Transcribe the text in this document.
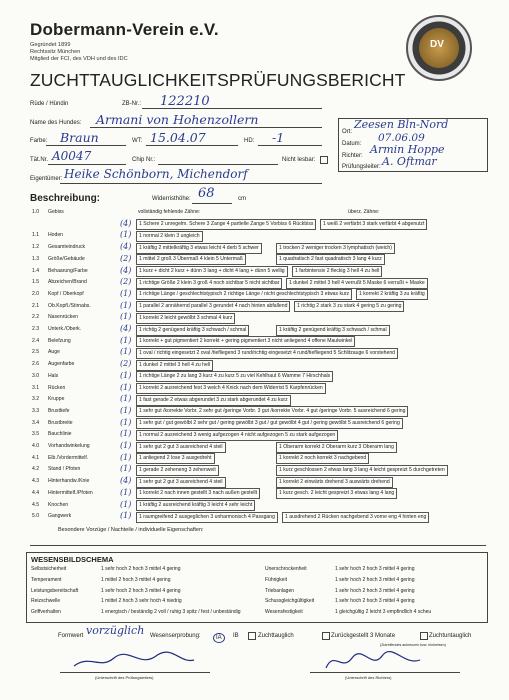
Dobermann-Verein e.V.
Gegründet 1899
Rechtssitz München
Mitglied der FCI, des VDH und des IDC
DV
ZUCHTTAUGLICHKEITSPRÜFUNGSBERICHT
Rüde / Hündin	ZB-Nr.: 122210
Name des Hundes: Armani von Hohenzollern
Farbe: Braun	WT: 15.04.07	HD: -1
Tät.Nr. A0047	Chip Nr.:	Nicht lesbar:
Eigentümer: Heike Schönborn, Michendorf
Ort:
Zeesen Bln-Nord
Datum: 07.06.09
Richter: Armin Hoppe
Prüfungsleiter: A. Oftmar
Beschreibung:	Widerristhöhe: 68	cm
1.0 Gebiss	vollständig fehlende Zähne:	überz. Zähne:
(4)	1 Schere 2 unregelm. Schere 3 Zange 4 partielle Zange 5 Vorbiss 6 Rückbiss	1 weiß 2 verfärbt 3 stark verfärbt 4 abgenutzt
1.1 Hoden	(1)	1 normal 2 klein 3 ungleich
1.2 Gesamteindruck	(4)	1 kräftig 2 mittelkräftig 3 etwas leicht 4 derb 5 schwer	1 trocken 2 weniger trocken 3 lymphatisch (weich)
1.3 Größe/Gebäude	(2)	1 mittel 2 groß 3 Übermaß 4 klein 5 Untermaß	1 quadratisch 2 fast quadratisch 3 lang 4 kurz
1.4 Behaarung/Farbe	(4)	1 kurz + dicht 2 kurz + dünn 3 lang + dicht 4 lang + dünn 5 wellig	1 farbintensiv 2 fleckig 3 hell 4 zu hell
1.5 Abzeichen/Brand	(2)	1 richtige Größe 2 klein 3 groß 4 noch sichtbar 5 nicht sichtbar	1 dunkel 2 mittel 3 hell 4 verrußt 5 Maske 6 verrußt + Maske
2.0 Kopf / Oberkopf	(1)	1 richtige Länge / geschlechtstypisch 2 richtige Länge / nicht geschlechtstypisch 3 etwas kurz	1 korrekt 2 kräftig 3 zu kräftig
2.1 Ob.Kopfl./Stirnabs.	(1)	1 parallel 2 annähernd parallel 3 gerundet 4 nach hinten abfallend	1 richtig 2 stark 3 zu stark 4 gering 5 zu gering
2.2 Nasenrücken	(1)	1 korrekt 2 leicht gewölbt 3 schmal 4 kurz
2.3 Unterk./Oberk.	(4)	1 richtig 2 genügend kräftig 3 schwach / schmal	1 kräftig 2 genügend kräftig 3 schwach / schmal
2.4 Belefzung	(1)	1 korrekt + gut pigmentiert 2 korrekt + gering pigmentiert 3 nicht anliegend 4 offene Maulwinkel
2.5 Auge	(1)	1 oval / richtig eingesetzt 2 oval /tiefliegend 3 rund/richtig eingesetzt 4 rund/tiefliegend 5 Schlitzauge 6 vorstehend
2.6 Augenfarbe	(2)	1 dunkel 2 mittel 3 hell 4 zu hell
3.0 Hals	(1)	1 richtige Länge 2 zu lang 3 kurz 4 zu kurz 5 zu viel Kehlhaut 6 Wamme 7 Hirschhals
3.1 Rücken	(1)	1 korrekt 2 ausreichend fest 3 weich 4 Knick nach dem Widerrist 5 Karpfenrücken
3.2 Kruppe	(1)	1 fast gerade 2 etwas abgerundet 3 zu stark abgerundet 4 zu kurz
3.3 Brusttiefe	(1)	1 sehr gut /korrekte Vorbr. 2 sehr gut /geringe Vorbr. 3 gut /korrekte Vorbr. 4 gut /geringe Vorbr. 5 ausreichend 6 gering
3.4 Brustbreite	(1)	1 sehr gut / gut gewölbt 2 sehr gut / gering gewölbt 3 gut / gut gewölbt 4 gut / gering gewölbt 5 ausreichend 6 gering
3.5 Bauchlinie	(1)	1 normal 2 ausreichend 3 wenig aufgezogen 4 nicht aufgezogen 5 zu stark aufgezogen
4.0 Vorhandwinkelung	(1)	1 sehr gut 2 gut 3 ausreichend 4 steil	1 Oberarm korrekt 2 Oberarm kurz 3 Oberarm lang
4.1 Elb./Vordermittelf.	(1)	1 anliegend 2 lose 3 ausgedreht	1 korrekt 2 noch korrekt 3 nachgebend
4.2 Stand / Pfoten	(1)	1 gerade 2 zeheneng 3 zehenweit	1 kurz geschlossen 2 etwas lang 3 lang 4 leicht gespreizt 5 durchgetreten
4.3 Hinterhandw./Knie	(4)	1 sehr gut 2 gut 3 ausreichend 4 steil	1 korrekt 2 einwärts drehend 3 auswärts drehend
4.4 Hintermittelf./Pfoten	(1)	1 korrekt 2 nach innen gestellt 3 nach außen gestellt	1 kurz gesch. 2 leicht gespreizt 3 etwas lang 4 lang
4.5 Knochen	(1)	1 kräftig 2 ausreichend kräftig 3 leicht 4 sehr leicht
5.0 Gangwerk	(1)	1 raumgreifend 2 ausgeglichen 3 unharmonisch 4 Passgang	1 ausdrehend 2 Rücken nachgebend 3 vorne eng 4 hinten eng
Besondere Vorzüge / Nachteile / individuelle Eigenschaften:
WESENSBILDSCHEMA
Selbstsicherheit	1 sehr hoch 2 hoch 3 mittel 4 gering
Temperament	1 mittel 2 hoch 3 mittel 4 gering
Leistungsbereitschaft	1 sehr hoch 2 hoch 3 mittel 4 gering
Reizschwelle	1 mittel 2 hoch 3 sehr hoch 4 niedrig
Griffverhalten	1 energisch / beständig 2 voll / ruhig 3 spitz / fest / unbeständig
Unerschrockenheit	1 sehr hoch 2 hoch 3 mittel 4 gering
Führigkeit	1 sehr hoch 2 hoch 3 mittel 4 gering
Triebanlagen	1 sehr hoch 2 hoch 3 mittel 4 gering
Schussgleichgültigkeit	1 sehr hoch 2 hoch 3 mittel 4 gering
Wesensfestigkeit	1 gleichgültig 2 leicht 3 empfindlich 4 scheu
Formwert vorzüglich Wesenserprobung:	IA	IB	Zuchttauglich	Zurückgestellt 3 Monate	Zuchtuntauglich
(Zutreffendes ankreuzen bzw. einkreisen)
(Unterschrift des Prüfungsleiters)	(Unterschrift des Richters)
